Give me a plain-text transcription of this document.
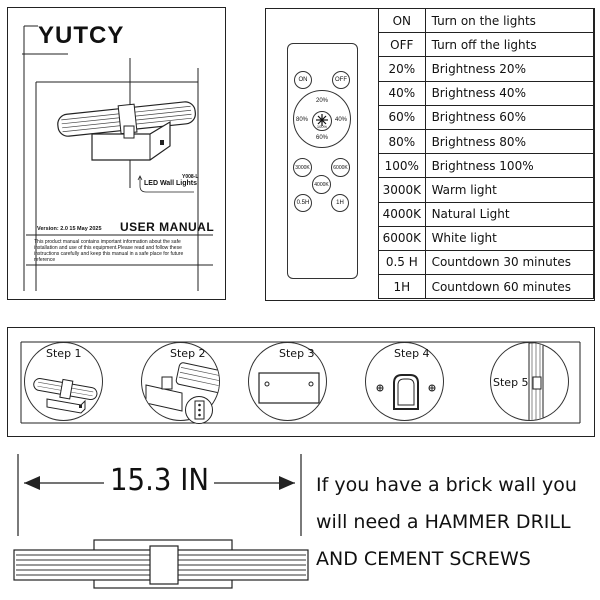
YUTCY
Y008-L
LED Wall Lights
Version: 2.0 15 May 2025 USER MANUAL
This product manual contains important information about the safe installation and use of this equipment.Please read and follow these instructions carefully and keep this manual in a safe place for future reference
ON	OFF
20%
80%	40%
60%
100%
3000K	6000K
4000K
0.5H	1H
ON	Turn on the lights
OFF	Turn off the lights
20%	Brightness 20%
40%	Brightness 40%
60%	Brightness 60%
80%	Brightness 80%
100%	Brightness 100%
3000K	Warm light
4000K	Natural Light
6000K	White light
0.5 H	Countdown 30 minutes
1H	Countdown 60 minutes
Step 1	Step 2	Step 3	Step 4
Step 5
15.3 IN	If you have a brick wall you
will need a HAMMER DRILL
AND CEMENT SCREWS
